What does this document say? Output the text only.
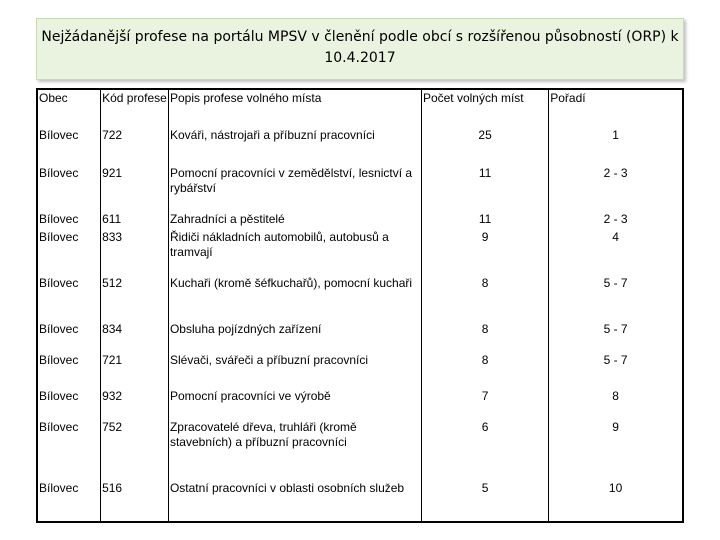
Nejžádanější profese na portálu MPSV v členění podle obcí s rozšířenou působností (ORP) k
10.4.2017
Obec	Kód profese	Popis profese volného místa	Počet volných míst	Pořadí
Bílovec	722	Kováři, nástrojaři a příbuzní pracovníci	25	1
Bílovec	921	Pomocní pracovníci v zemědělství, lesnictví a rybářství	11	2 - 3
Bílovec	611	Zahradníci a pěstitelé	11	2 - 3
Bílovec	833	Řidiči nákladních automobilů, autobusů a tramvají	9	4
Bílovec	512	Kuchaři (kromě šéfkuchařů), pomocní kuchaři	8	5 - 7
Bílovec	834	Obsluha pojízdných zařízení	8	5 - 7
Bílovec	721	Slévači, svářeči a příbuzní pracovníci	8	5 - 7
Bílovec	932	Pomocní pracovníci ve výrobě	7	8
Bílovec	752	Zpracovatelé dřeva, truhláři (kromě stavebních) a příbuzní pracovníci	6	9
Bílovec	516	Ostatní pracovníci v oblasti osobních služeb	5	10
